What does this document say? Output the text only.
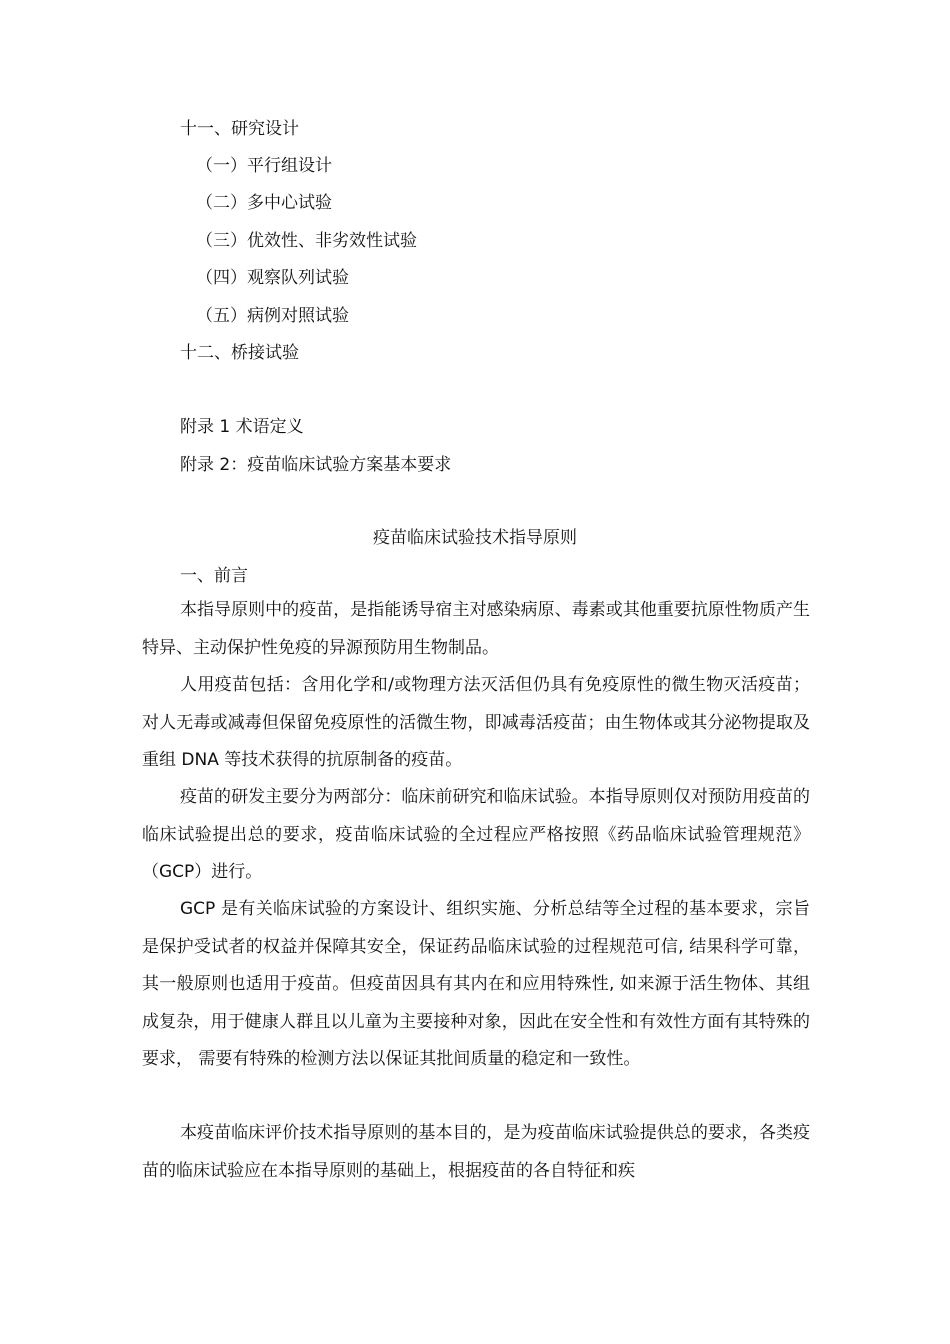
十一、研究设计
（一）平行组设计
（二）多中心试验
（三）优效性、非劣效性试验
（四）观察队列试验
（五）病例对照试验
十二、桥接试验
附录 1 术语定义
附录 2：疫苗临床试验方案基本要求
疫苗临床试验技术指导原则
一、前言

本指导原则中的疫苗，是指能诱导宿主对感染病原、毒素或其他重要抗原性物质产生特异、主动保护性免疫的异源预防用生物制品。

人用疫苗包括：含用化学和/或物理方法灭活但仍具有免疫原性的微生物灭活疫苗；对人无毒或减毒但保留免疫原性的活微生物，即减毒活疫苗；由生物体或其分泌物提取及重组 DNA 等技术获得的抗原制备的疫苗。

疫苗的研发主要分为两部分：临床前研究和临床试验。本指导原则仅对预防用疫苗的临床试验提出总的要求，疫苗临床试验的全过程应严格按照《药品临床试验管理规范》（GCP）进行。

GCP 是有关临床试验的方案设计、组织实施、分析总结等全过程的基本要求，宗旨是保护受试者的权益并保障其安全，保证药品临床试验的过程规范可信, 结果科学可靠，其一般原则也适用于疫苗。但疫苗因具有其内在和应用特殊性, 如来源于活生物体、其组成复杂，用于健康人群且以儿童为主要接种对象，因此在安全性和有效性方面有其特殊的要求， 需要有特殊的检测方法以保证其批间质量的稳定和一致性。

本疫苗临床评价技术指导原则的基本目的，是为疫苗临床试验提供总的要求，各类疫苗的临床试验应在本指导原则的基础上，根据疫苗的各自特征和疾
